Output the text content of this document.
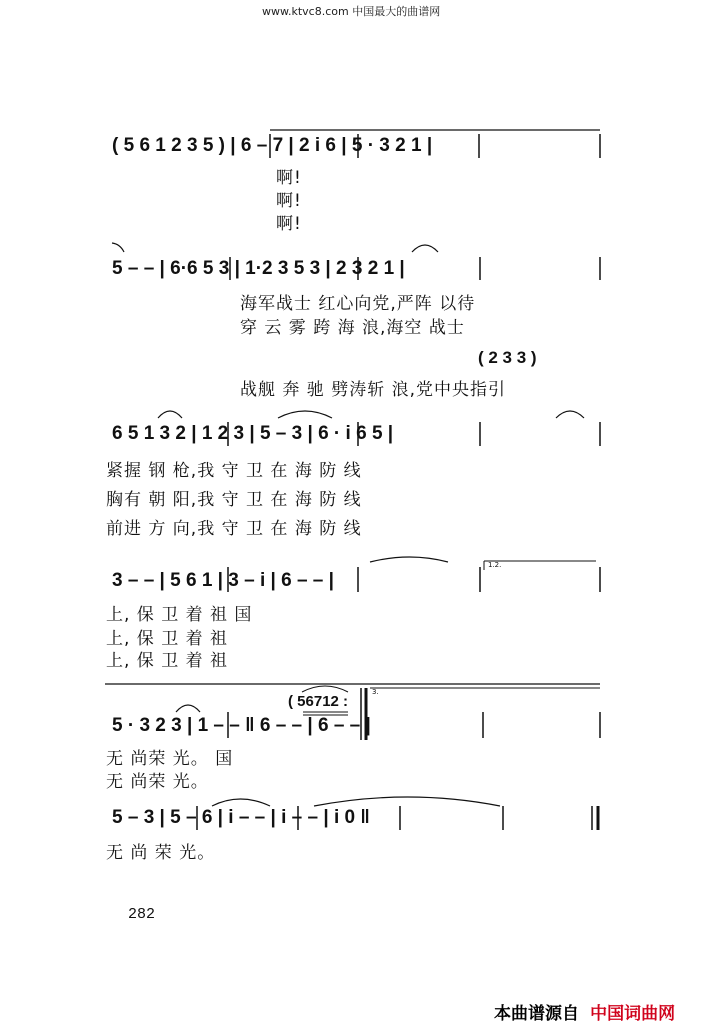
www.ktvc8.com 中国最大的曲谱网
( 5 6 1 2 3 5 ) | 6 – 7 | 2 i 6 | 5 · 3 2 1 |
啊!
啊!
啊!
5 – – | 6·6 5 3 | 1·2 3 5 3 | 2 3 2 1 |
海军战士 红心向党,严阵 以待
穿 云 雾 跨 海 浪,海空 战士
( 2 3 3 )
战舰 奔 驰 劈涛斩 浪,党中央指引
6 5 1 3 2 | 1 2 3 | 5 – 3 | 6 · i 6 5 |
紧握 钢 枪,我 守 卫 在 海 防 线
胸有 朝 阳,我 守 卫 在 海 防 线
前进 方 向,我 守 卫 在 海 防 线
3 – – | 5 6 1 | 3 – i | 6 – – |
1.2.
上, 保 卫 着 祖 国
上, 保 卫 着 祖
上, 保 卫 着 祖
( 56712 :
3.
5 · 3 2 3 | 1 – – ‖ 6 – – | 6 – – |
无 尚荣 光。 国
无 尚荣 光。
5 – 3 | 5 – 6 | i – – | i – – | i 0 ‖
无 尚 荣 光。
282
本曲谱源自 中国词曲网
